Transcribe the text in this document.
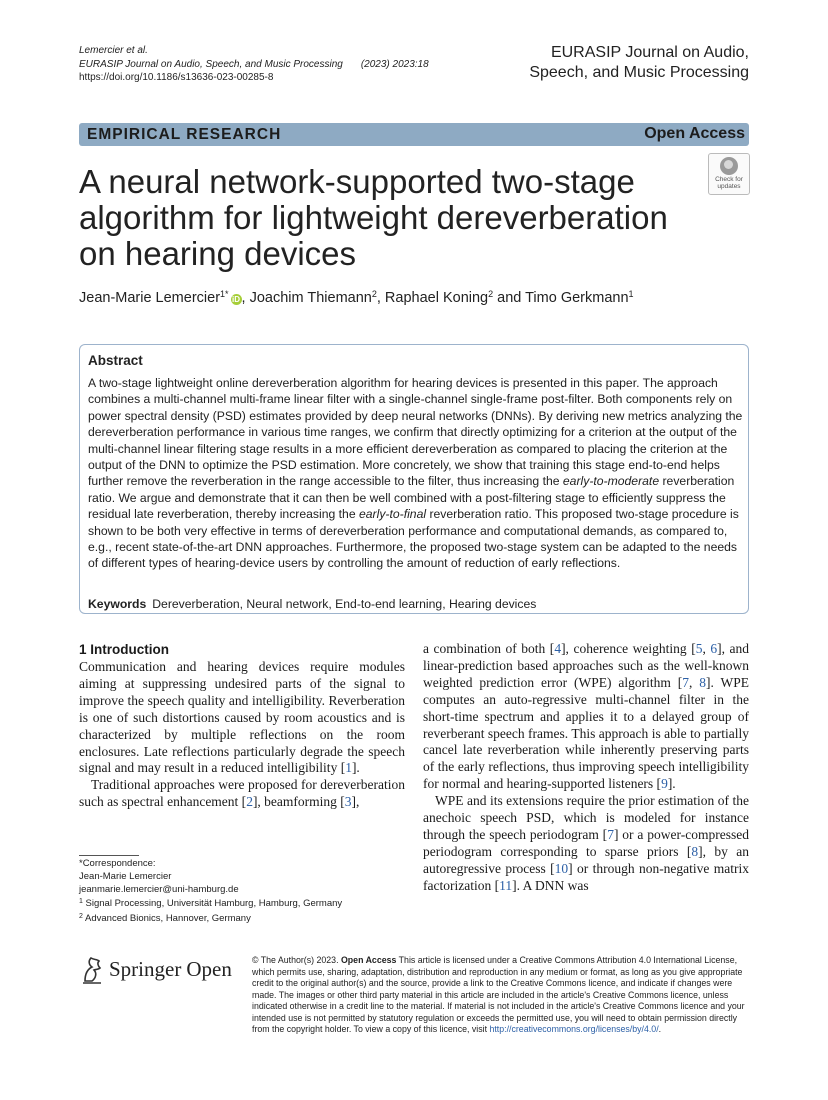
Lemercier et al.
EURASIP Journal on Audio, Speech, and Music Processing (2023) 2023:18
https://doi.org/10.1186/s13636-023-00285-8
EURASIP Journal on Audio,
Speech, and Music Processing
EMPIRICAL RESEARCH	Open Access
Check for
updates
A neural network-supported two-stage
algorithm for lightweight dereverberation
on hearing devices
Jean-Marie Lemercier$^{1*}$iD , Joachim Thiemann$^2$, Raphael Koning$^2$ and Timo Gerkmann$^1$
Abstract
A two-stage lightweight online dereverberation algorithm for hearing devices is presented in this paper. The approach combines a multi-channel multi-frame linear filter with a single-channel single-frame post-filter. Both components rely on power spectral density (PSD) estimates provided by deep neural networks (DNNs). By deriving new metrics analyzing the dereverberation performance in various time ranges, we confirm that directly optimizing for a criterion at the output of the multi-channel linear filtering stage results in a more efficient dereverberation as compared to placing the criterion at the output of the DNN to optimize the PSD estimation. More concretely, we show that training this stage end-to-end helps further remove the reverberation in the range accessible to the filter, thus increasing the early-to-moderate reverberation ratio. We argue and demonstrate that it can then be well combined with a post-filtering stage to efficiently suppress the residual late reverberation, thereby increasing the early-to-final reverberation ratio. This proposed two-stage procedure is shown to be both very effective in terms of dereverberation performance and computational demands, as compared to, e.g., recent state-of-the-art DNN approaches. Furthermore, the proposed two-stage system can be adapted to the needs of different types of hearing-device users by controlling the amount of reduction of early reflections.
Keywords Dereverberation, Neural network, End-to-end learning, Hearing devices
1 Introduction

Communication and hearing devices require modules aiming at suppressing undesired parts of the signal to improve the speech quality and intelligibility. Reverberation is one of such distortions caused by room acoustics and is characterized by multiple reflections on the room enclosures. Late reflections particularly degrade the speech signal and may result in a reduced intelligibility [1].

Traditional approaches were proposed for dereverberation such as spectral enhancement [2], beamforming [3],

a combination of both [4], coherence weighting [5, 6], and linear-prediction based approaches such as the well-known weighted prediction error (WPE) algorithm [7, 8]. WPE computes an auto-regressive multi-channel filter in the short-time spectrum and applies it to a delayed group of reverberant speech frames. This approach is able to partially cancel late reverberation while inherently preserving parts of the early reflections, thus improving speech intelligibility for normal and hearing-supported listeners [9].

WPE and its extensions require the prior estimation of the anechoic speech PSD, which is modeled for instance through the speech periodogram [7] or a power-compressed periodogram corresponding to sparse priors [8], by an autoregressive process [10] or through non-negative matrix factorization [11]. A DNN was

*Correspondence:
Jean-Marie Lemercier
jeanmarie.lemercier@uni-hamburg.de
$^1$ Signal Processing, Universität Hamburg, Hamburg, Germany
$^2$ Advanced Bionics, Hannover, Germany
Springer Open © The Author(s) 2023. Open Access This article is licensed under a Creative Commons Attribution 4.0 International License, which permits use, sharing, adaptation, distribution and reproduction in any medium or format, as long as you give appropriate credit to the original author(s) and the source, provide a link to the Creative Commons licence, and indicate if changes were made. The images or other third party material in this article are included in the article's Creative Commons licence, unless indicated otherwise in a credit line to the material. If material is not included in the article's Creative Commons licence and your intended use is not permitted by statutory regulation or exceeds the permitted use, you will need to obtain permission directly from the copyright holder. To view a copy of this licence, visit http://creativecommons.org/licenses/by/4.0/.
